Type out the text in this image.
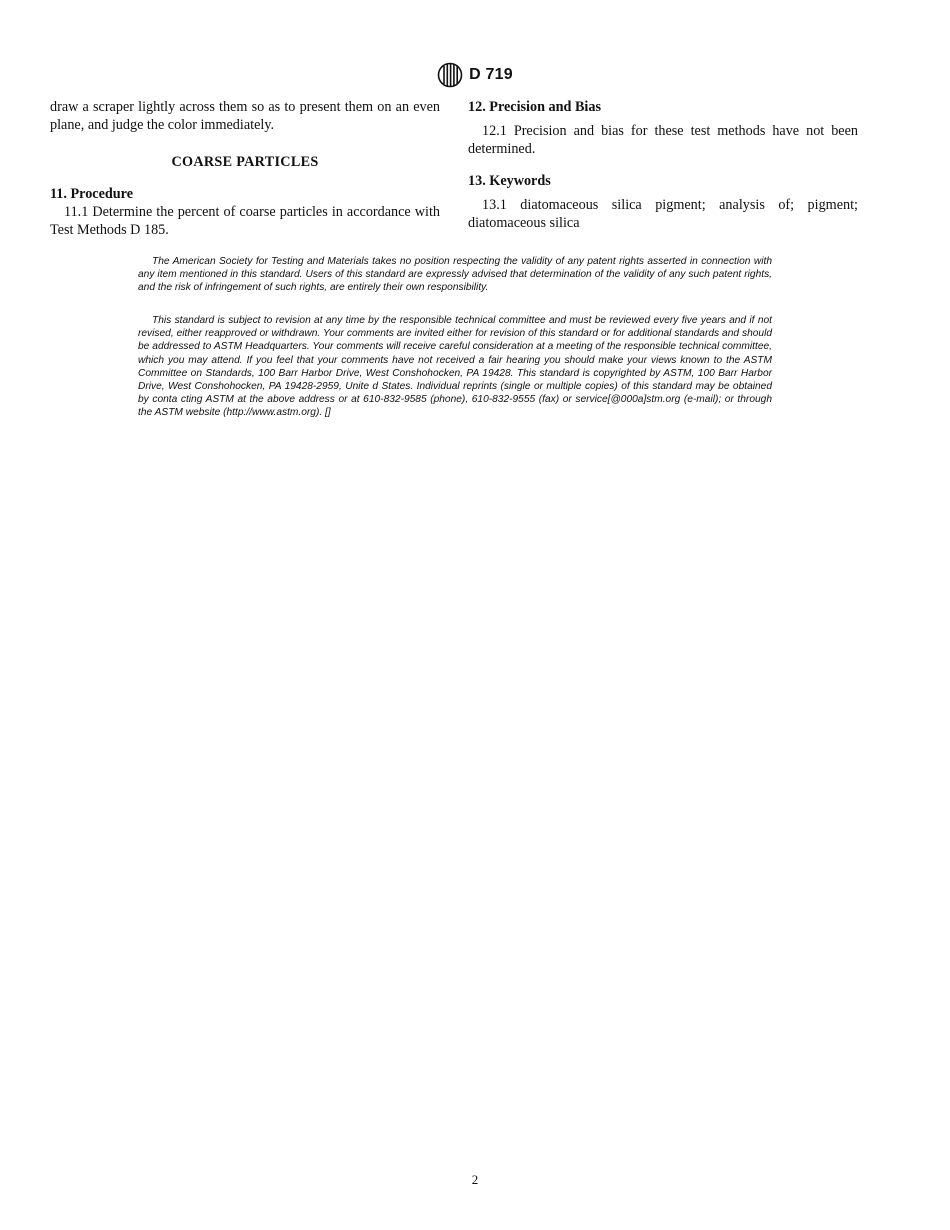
D 719

draw a scraper lightly across them so as to present them on an even plane, and judge the color immediately.

COARSE PARTICLES

11. Procedure

11.1 Determine the percent of coarse particles in accordance with Test Methods D 185.

12. Precision and Bias

12.1 Precision and bias for these test methods have not been determined.

13. Keywords

13.1 diatomaceous silica pigment; analysis of; pigment; diatomaceous silica

The American Society for Testing and Materials takes no position respecting the validity of any patent rights asserted in connection with any item mentioned in this standard. Users of this standard are expressly advised that determination of the validity of any such patent rights, and the risk of infringement of such rights, are entirely their own responsibility.

This standard is subject to revision at any time by the responsible technical committee and must be reviewed every five years and if not revised, either reapproved or withdrawn. Your comments are invited either for revision of this standard or for additional standards and should be addressed to ASTM Headquarters. Your comments will receive careful consideration at a meeting of the responsible technical committee, which you may attend. If you feel that your comments have not received a fair hearing you should make your views known to the ASTM Committee on Standards, 100 Barr Harbor Drive, West Conshohocken, PA 19428. This standard is copyrighted by ASTM, 100 Barr Harbor Drive, West Conshohocken, PA 19428-2959, Unite d States. Individual reprints (single or multiple copies) of this standard may be obtained by conta cting ASTM at the above address or at 610-832-9585 (phone), 610-832-9555 (fax) or service[@000a]stm.org (e-mail); or through the ASTM website (http://www.astm.org). []

2
